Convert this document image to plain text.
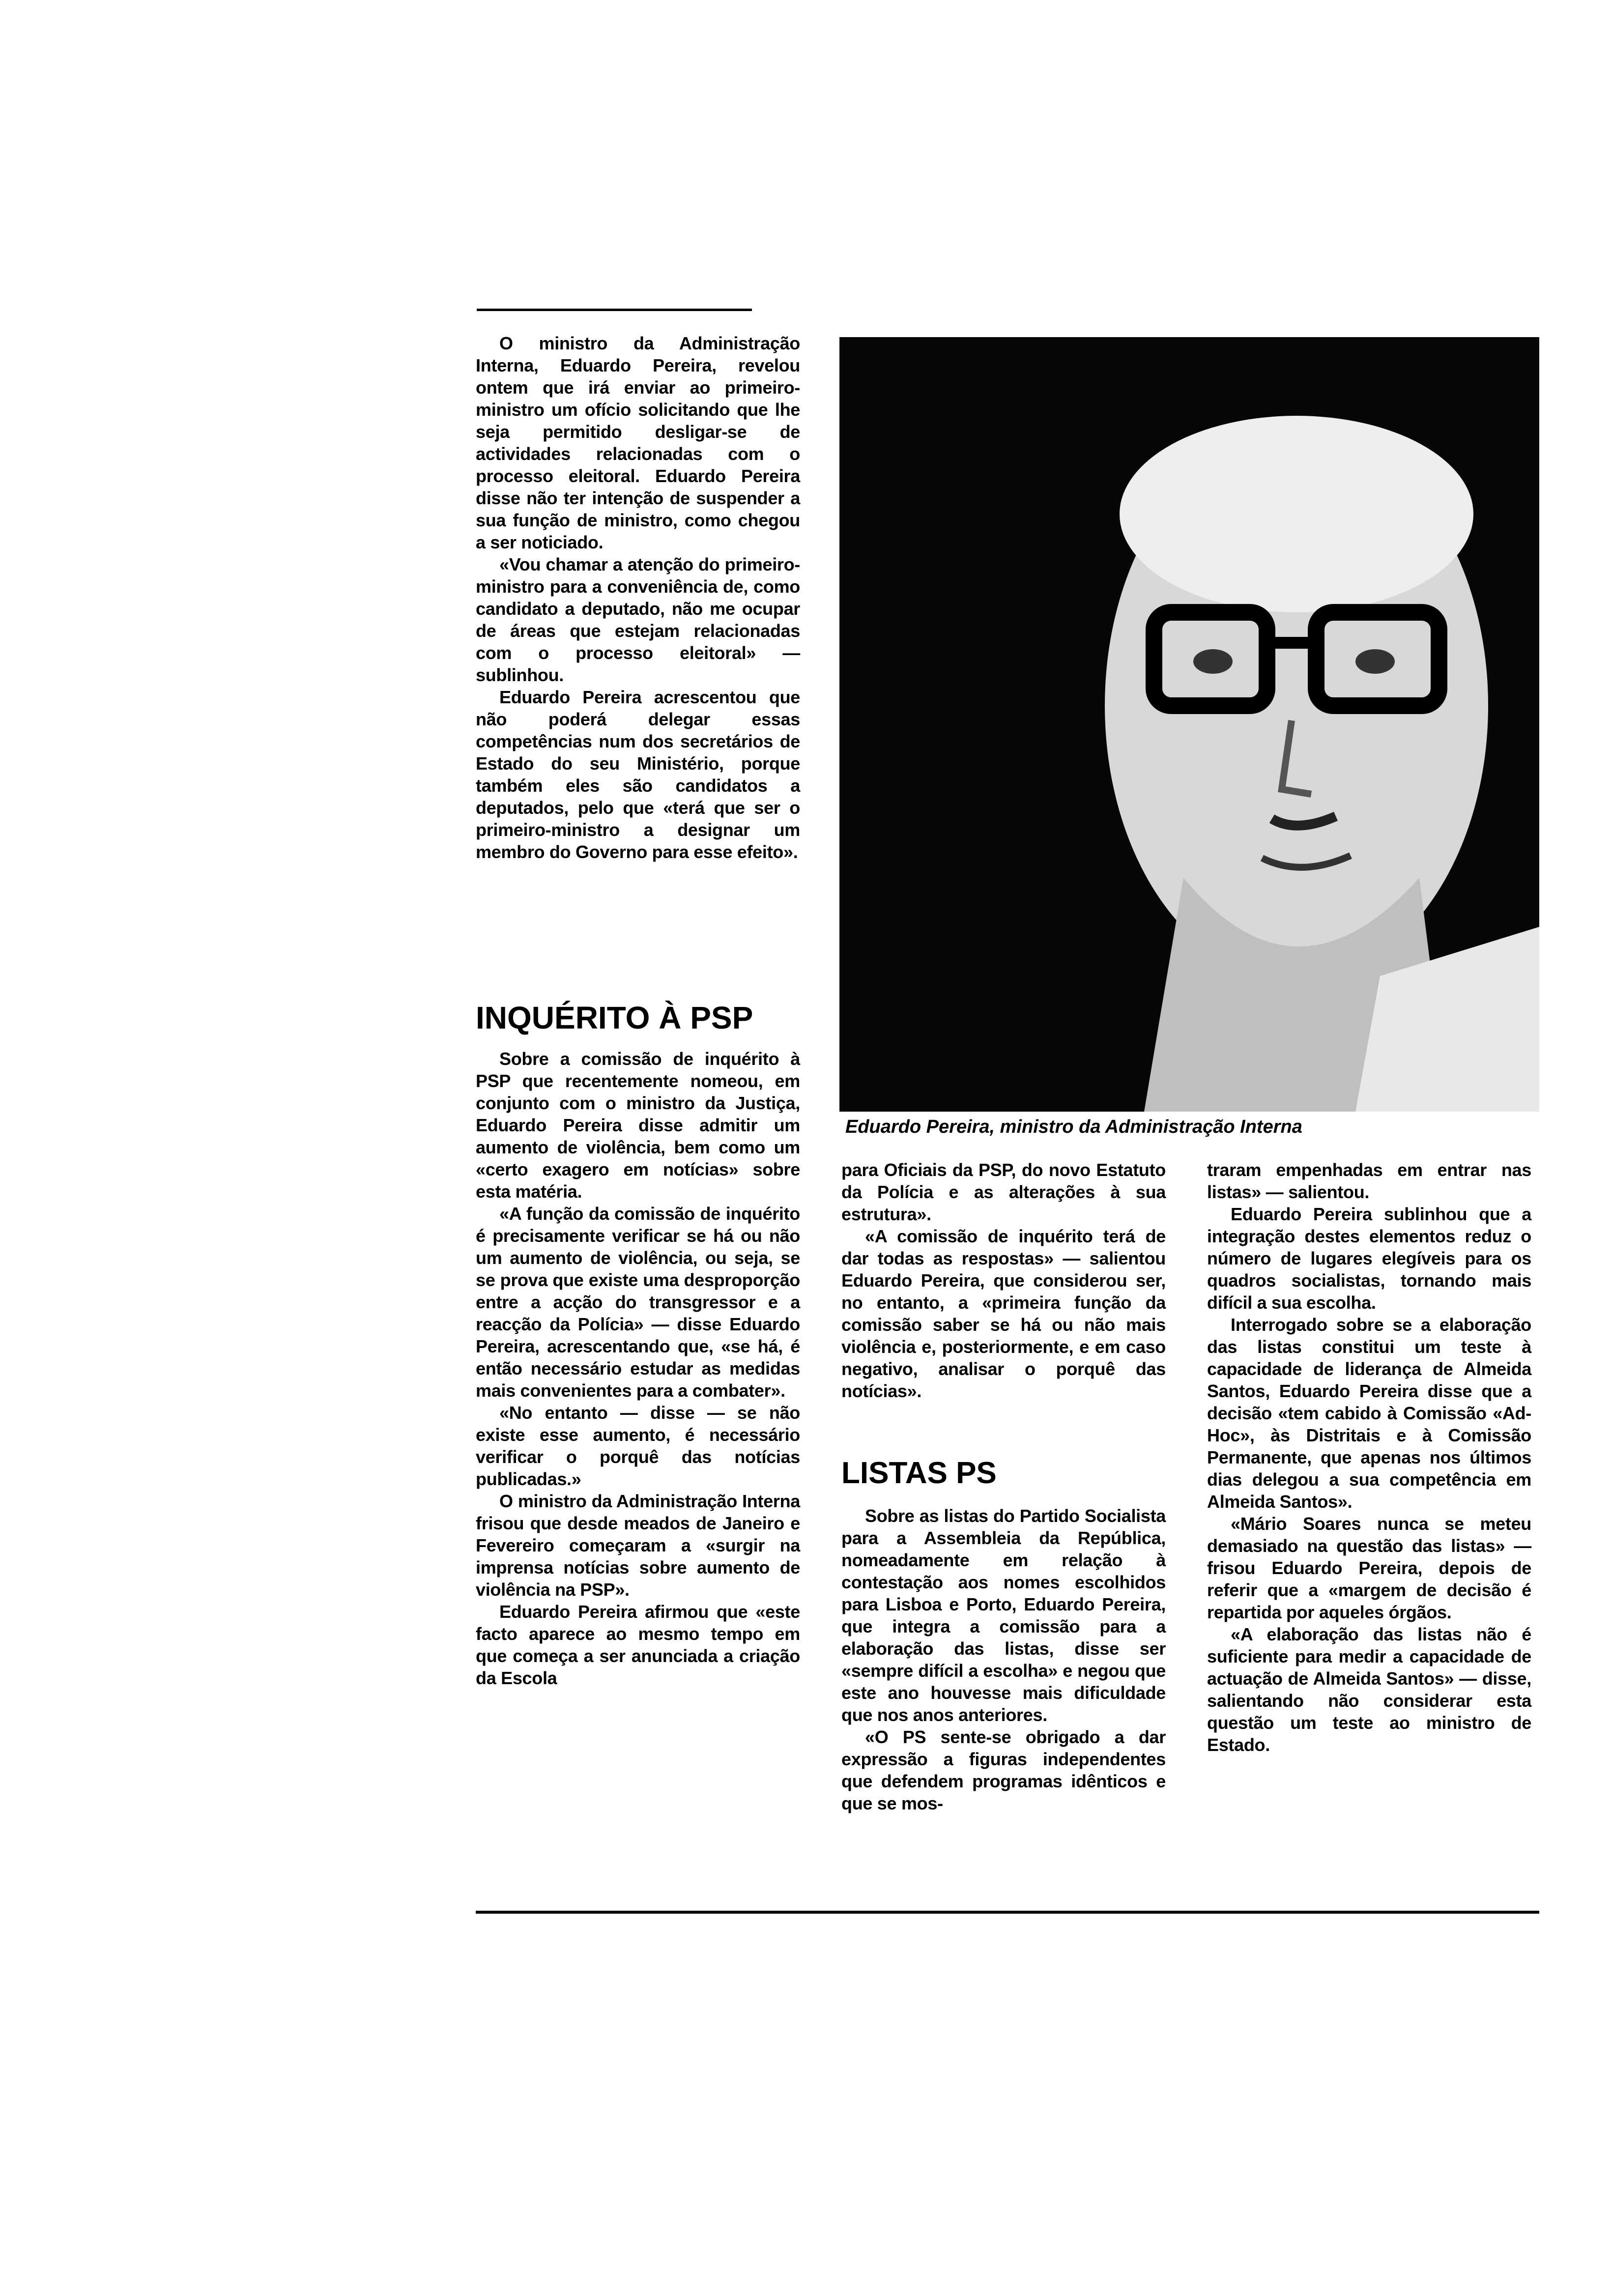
O ministro da Administração Interna, Eduardo Pereira, revelou ontem que irá enviar ao primeiro-ministro um ofício solicitando que lhe seja permitido desligar-se de actividades relacionadas com o processo eleitoral. Eduardo Pereira disse não ter intenção de suspender a sua função de ministro, como chegou a ser noticiado.

«Vou chamar a atenção do primeiro-ministro para a conveniência de, como candidato a deputado, não me ocupar de áreas que estejam relacionadas com o processo eleitoral» — sublinhou.

Eduardo Pereira acrescentou que não poderá delegar essas competências num dos secretários de Estado do seu Ministério, porque também eles são candidatos a deputados, pelo que «terá que ser o primeiro-ministro a designar um membro do Governo para esse efeito».

INQUÉRITO À PSP

Sobre a comissão de inquérito à PSP que recentemente nomeou, em conjunto com o ministro da Justiça, Eduardo Pereira disse admitir um aumento de violência, bem como um «certo exagero em notícias» sobre esta matéria.

«A função da comissão de inquérito é precisamente verificar se há ou não um aumento de violência, ou seja, se se prova que existe uma desproporção entre a acção do transgressor e a reacção da Polícia» — disse Eduardo Pereira, acrescentando que, «se há, é então necessário estudar as medidas mais convenientes para a combater».

«No entanto — disse — se não existe esse aumento, é necessário verificar o porquê das notícias publicadas.»

O ministro da Administração Interna frisou que desde meados de Janeiro e Fevereiro começaram a «surgir na imprensa notícias sobre aumento de violência na PSP».

Eduardo Pereira afirmou que «este facto aparece ao mesmo tempo em que começa a ser anunciada a criação da Escola

Eduardo Pereira, ministro da Administração Interna

para Oficiais da PSP, do novo Estatuto da Polícia e as alterações à sua estrutura».

«A comissão de inquérito terá de dar todas as respostas» — salientou Eduardo Pereira, que considerou ser, no entanto, a «primeira função da comissão saber se há ou não mais violência e, posteriormente, e em caso negativo, analisar o porquê das notícias».

LISTAS PS

Sobre as listas do Partido Socialista para a Assembleia da República, nomeadamente em relação à contestação aos nomes escolhidos para Lisboa e Porto, Eduardo Pereira, que integra a comissão para a elaboração das listas, disse ser «sempre difícil a escolha» e negou que este ano houvesse mais dificuldade que nos anos anteriores.

«O PS sente-se obrigado a dar expressão a figuras independentes que defendem programas idênticos e que se mos-

traram empenhadas em entrar nas listas» — salientou.

Eduardo Pereira sublinhou que a integração destes elementos reduz o número de lugares elegíveis para os quadros socialistas, tornando mais difícil a sua escolha.

Interrogado sobre se a elaboração das listas constitui um teste à capacidade de liderança de Almeida Santos, Eduardo Pereira disse que a decisão «tem cabido à Comissão «Ad-Hoc», às Distritais e à Comissão Permanente, que apenas nos últimos dias delegou a sua competência em Almeida Santos».

«Mário Soares nunca se meteu demasiado na questão das listas» — frisou Eduardo Pereira, depois de referir que a «margem de decisão é repartida por aqueles órgãos.

«A elaboração das listas não é suficiente para medir a capacidade de actuação de Almeida Santos» — disse, salientando não considerar esta questão um teste ao ministro de Estado.
